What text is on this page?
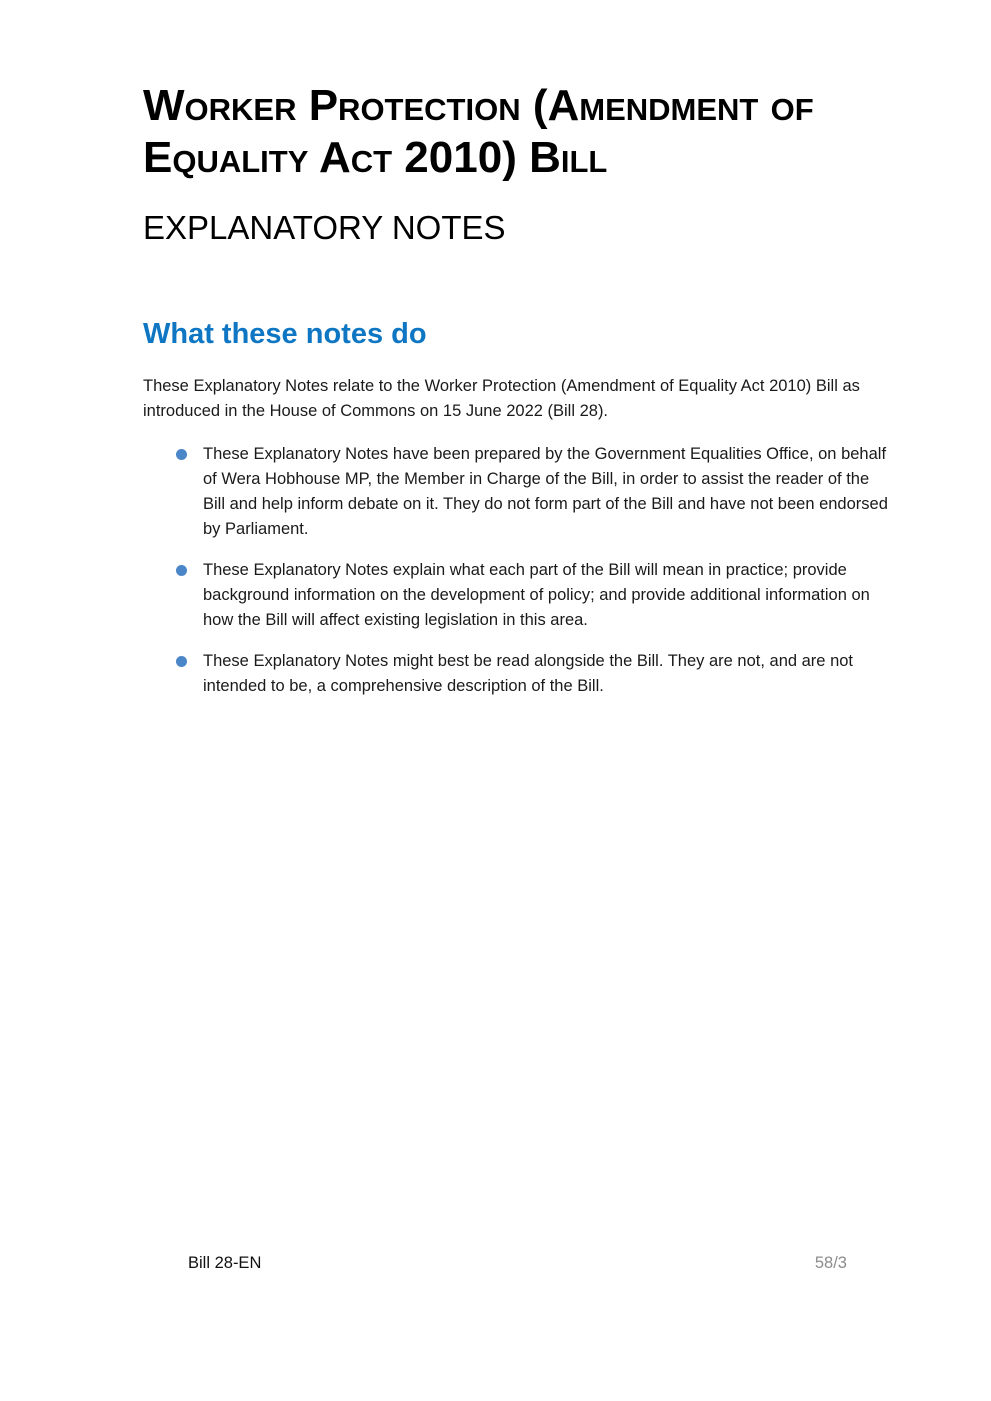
Worker Protection (Amendment of
Equality Act 2010) Bill
EXPLANATORY NOTES
What these notes do

These Explanatory Notes relate to the Worker Protection (Amendment of Equality Act 2010) Bill as introduced in the House of Commons on 15 June 2022 (Bill 28).

These Explanatory Notes have been prepared by the Government Equalities Office, on behalf of Wera Hobhouse MP, the Member in Charge of the Bill, in order to assist the reader of the Bill and help inform debate on it. They do not form part of the Bill and have not been endorsed by Parliament.
These Explanatory Notes explain what each part of the Bill will mean in practice; provide background information on the development of policy; and provide additional information on how the Bill will affect existing legislation in this area.
These Explanatory Notes might best be read alongside the Bill. They are not, and are not intended to be, a comprehensive description of the Bill.
Bill 28-EN	58/3
